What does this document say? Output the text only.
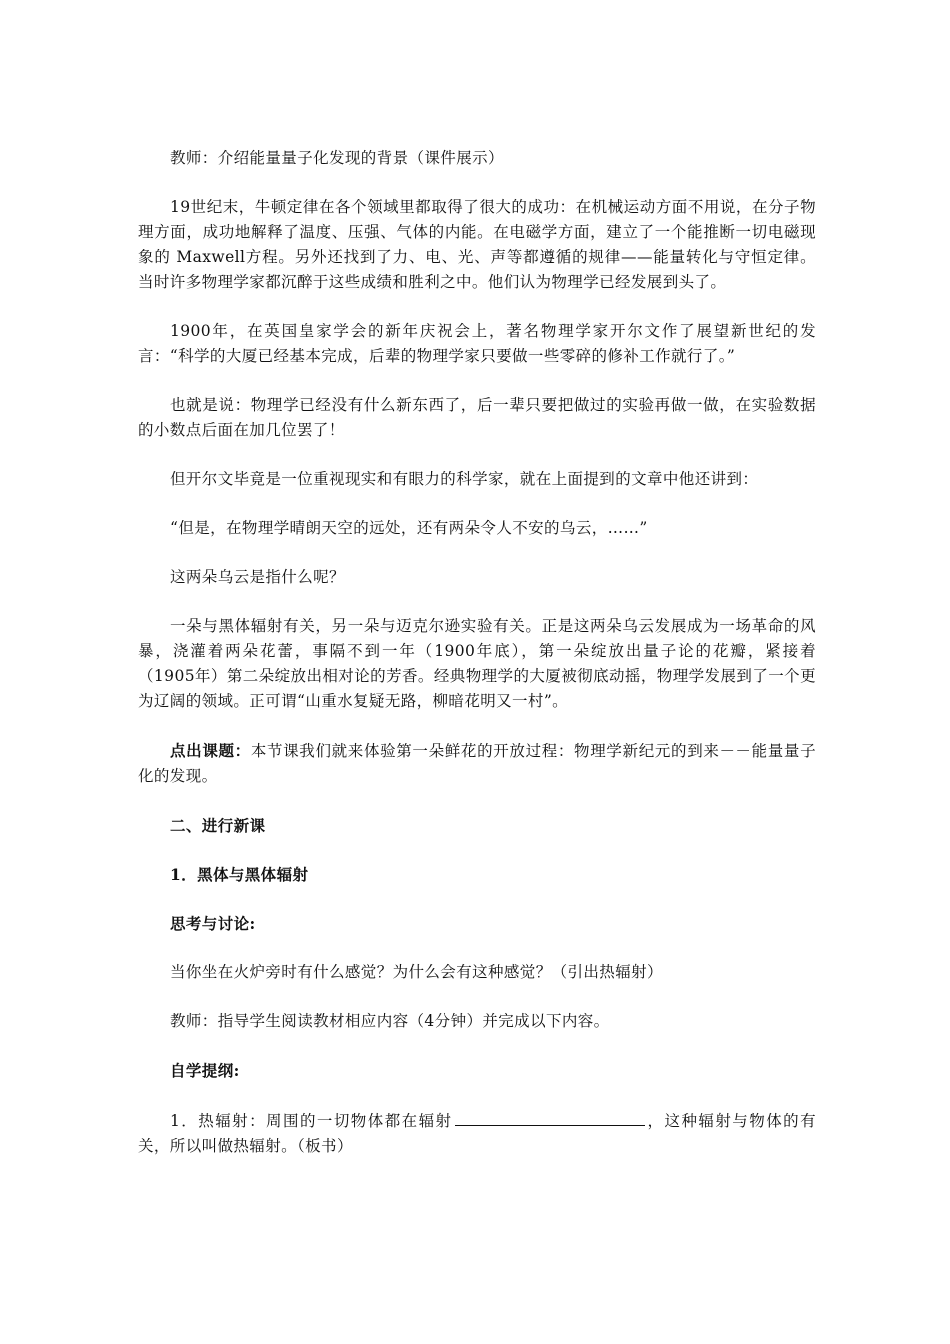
教师：介绍能量量子化发现的背景（课件展示）

19世纪末，牛顿定律在各个领域里都取得了很大的成功：在机械运动方面不用说，在分子物理方面，成功地解释了温度、压强、气体的内能。在电磁学方面，建立了一个能推断一切电磁现象的 Maxwell方程。另外还找到了力、电、光、声等都遵循的规律——能量转化与守恒定律。当时许多物理学家都沉醉于这些成绩和胜利之中。他们认为物理学已经发展到头了。

1900年，在英国皇家学会的新年庆祝会上，著名物理学家开尔文作了展望新世纪的发言：“科学的大厦已经基本完成，后辈的物理学家只要做一些零碎的修补工作就行了。”

也就是说：物理学已经没有什么新东西了，后一辈只要把做过的实验再做一做，在实验数据的小数点后面在加几位罢了！

但开尔文毕竟是一位重视现实和有眼力的科学家，就在上面提到的文章中他还讲到：

“但是，在物理学晴朗天空的远处，还有两朵令人不安的乌云，……”

这两朵乌云是指什么呢？

一朵与黑体辐射有关，另一朵与迈克尔逊实验有关。正是这两朵乌云发展成为一场革命的风暴，浇灌着两朵花蕾，事隔不到一年（1900年底），第一朵绽放出量子论的花瓣，紧接着（1905年）第二朵绽放出相对论的芳香。经典物理学的大厦被彻底动摇，物理学发展到了一个更为辽阔的领域。正可谓“山重水复疑无路，柳暗花明又一村”。

点出课题：本节课我们就来体验第一朵鲜花的开放过程：物理学新纪元的到来－－能量量子化的发现。

二、进行新课

1．黑体与黑体辐射

思考与讨论:

当你坐在火炉旁时有什么感觉？为什么会有这种感觉？（引出热辐射）

教师：指导学生阅读教材相应内容（4分钟）并完成以下内容。

自学提纲:

1．热辐射：周围的一切物体都在辐射	，这种辐射与物体的有关，所以叫做热辐射。（板书）
